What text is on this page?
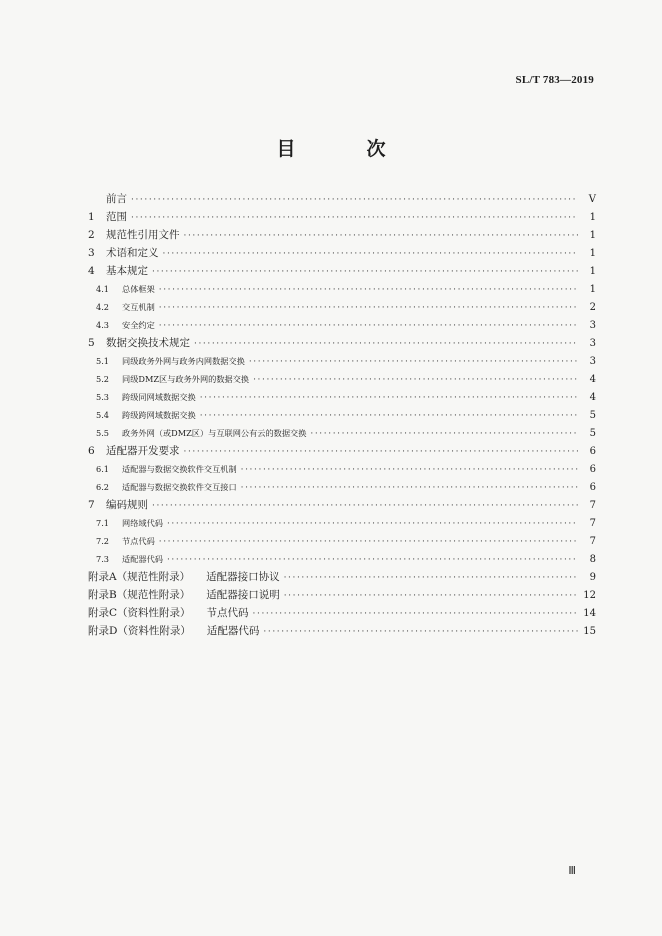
SL/T 783—2019
目　次
前言 ·····	V
1	范围 ·····	1
2	规范性引用文件 ·····	1
3	术语和定义 ·····	1
4	基本规定 ·····	1
4.1	总体框架 ·····	1
4.2	交互机制 ·····	2
4.3	安全约定 ·····	3
5	数据交换技术规定 ·····	3
5.1	同级政务外网与政务内网数据交换 ·····	3
5.2	同级DMZ区与政务外网的数据交换 ·····	4
5.3	跨级同网域数据交换 ·····	4
5.4	跨级跨网域数据交换 ·····	5
5.5	政务外网（或DMZ区）与互联网公有云的数据交换 ·····	5
6	适配器开发要求 ·····	6
6.1	适配器与数据交换软件交互机制 ·····	6
6.2	适配器与数据交换软件交互接口 ·····	6
7	编码规则 ·····	7
7.1	网络域代码 ·····	7
7.2	节点代码 ·····	7
7.3	适配器代码 ·····	8
附录A（规范性附录）	适配器接口协议 ·····	9
附录B（规范性附录）	适配器接口说明 ·····	12
附录C（资料性附录）	节点代码 ·····	14
附录D（资料性附录）	适配器代码 ·····	15
Ⅲ
